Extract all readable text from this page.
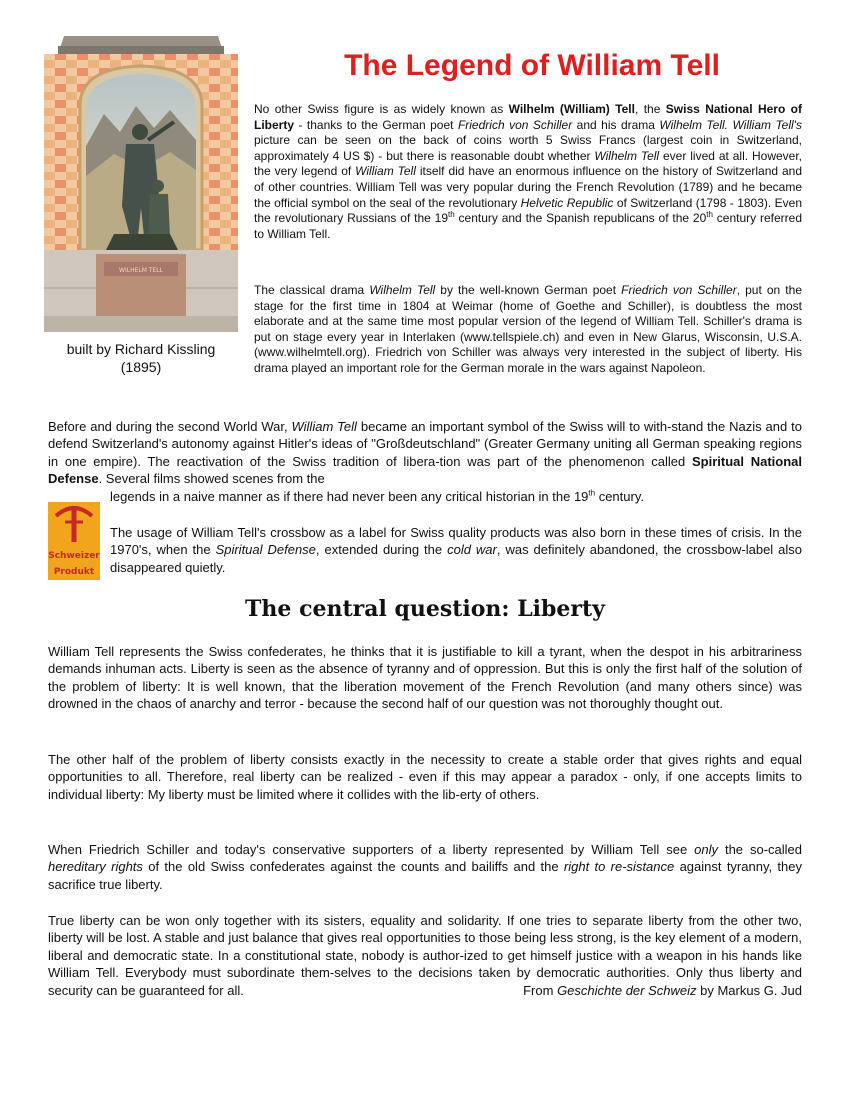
WILHELM TELL
built by Richard Kissling
(1895)
The Legend of William Tell

No other Swiss figure is as widely known as Wilhelm (William) Tell, the Swiss National Hero of Liberty - thanks to the German poet Friedrich von Schiller and his drama Wilhelm Tell. William Tell's picture can be seen on the back of coins worth 5 Swiss Francs (largest coin in Switzerland, approximately 4 US $) - but there is reasonable doubt whether Wilhelm Tell ever lived at all. However, the very legend of William Tell itself did have an enormous influence on the history of Switzerland and of other countries. William Tell was very popular during the French Revolution (1789) and he became the official symbol on the seal of the revolutionary Helvetic Republic of Switzerland (1798 - 1803). Even the revolutionary Russians of the 19th century and the Spanish republicans of the 20th century referred to William Tell.

The classical drama Wilhelm Tell by the well-known German poet Friedrich von Schiller, put on the stage for the first time in 1804 at Weimar (home of Goethe and Schiller), is doubtless the most elaborate and at the same time most popular version of the legend of William Tell. Schiller's drama is put on stage every year in Interlaken (www.tellspiele.ch) and even in New Glarus, Wisconsin, U.S.A. (www.wilhelmtell.org). Friedrich von Schiller was always very interested in the subject of liberty. His drama played an important role for the German morale in the wars against Napoleon.

Before and during the second World War, William Tell became an important symbol of the Swiss will to with-stand the Nazis and to defend Switzerland's autonomy against Hitler's ideas of "Großdeutschland" (Greater Germany uniting all German speaking regions in one empire). The reactivation of the Swiss tradition of libera-tion was part of the phenomenon called Spiritual National Defense. Several films showed scenes from the
legends in a naive manner as if there had never been any critical historian in the 19th century.

Schweizer
Produkt

The usage of William Tell's crossbow as a label for Swiss quality products was also born in these times of crisis. In the 1970's, when the Spiritual Defense, extended during the cold war, was definitely abandoned, the crossbow-label also disappeared quietly.

The central question: Liberty

William Tell represents the Swiss confederates, he thinks that it is justifiable to kill a tyrant, when the despot in his arbitrariness demands inhuman acts. Liberty is seen as the absence of tyranny and of oppression. But this is only the first half of the solution of the problem of liberty: It is well known, that the liberation movement of the French Revolution (and many others since) was drowned in the chaos of anarchy and terror - because the second half of our question was not thoroughly thought out.

The other half of the problem of liberty consists exactly in the necessity to create a stable order that gives rights and equal opportunities to all. Therefore, real liberty can be realized - even if this may appear a paradox - only, if one accepts limits to individual liberty: My liberty must be limited where it collides with the lib-erty of others.

When Friedrich Schiller and today's conservative supporters of a liberty represented by William Tell see only the so-called hereditary rights of the old Swiss confederates against the counts and bailiffs and the right to re-sistance against tyranny, they sacrifice true liberty.

True liberty can be won only together with its sisters, equality and solidarity. If one tries to separate liberty from the other two, liberty will be lost. A stable and just balance that gives real opportunities to those being less strong, is the key element of a modern, liberal and democratic state. In a constitutional state, nobody is author-ized to get himself justice with a weapon in his hands like William Tell. Everybody must subordinate them-selves to the decisions taken by democratic authorities. Only thus liberty and security can be guaranteed for all.	From Geschichte der Schweiz by Markus G. Jud
